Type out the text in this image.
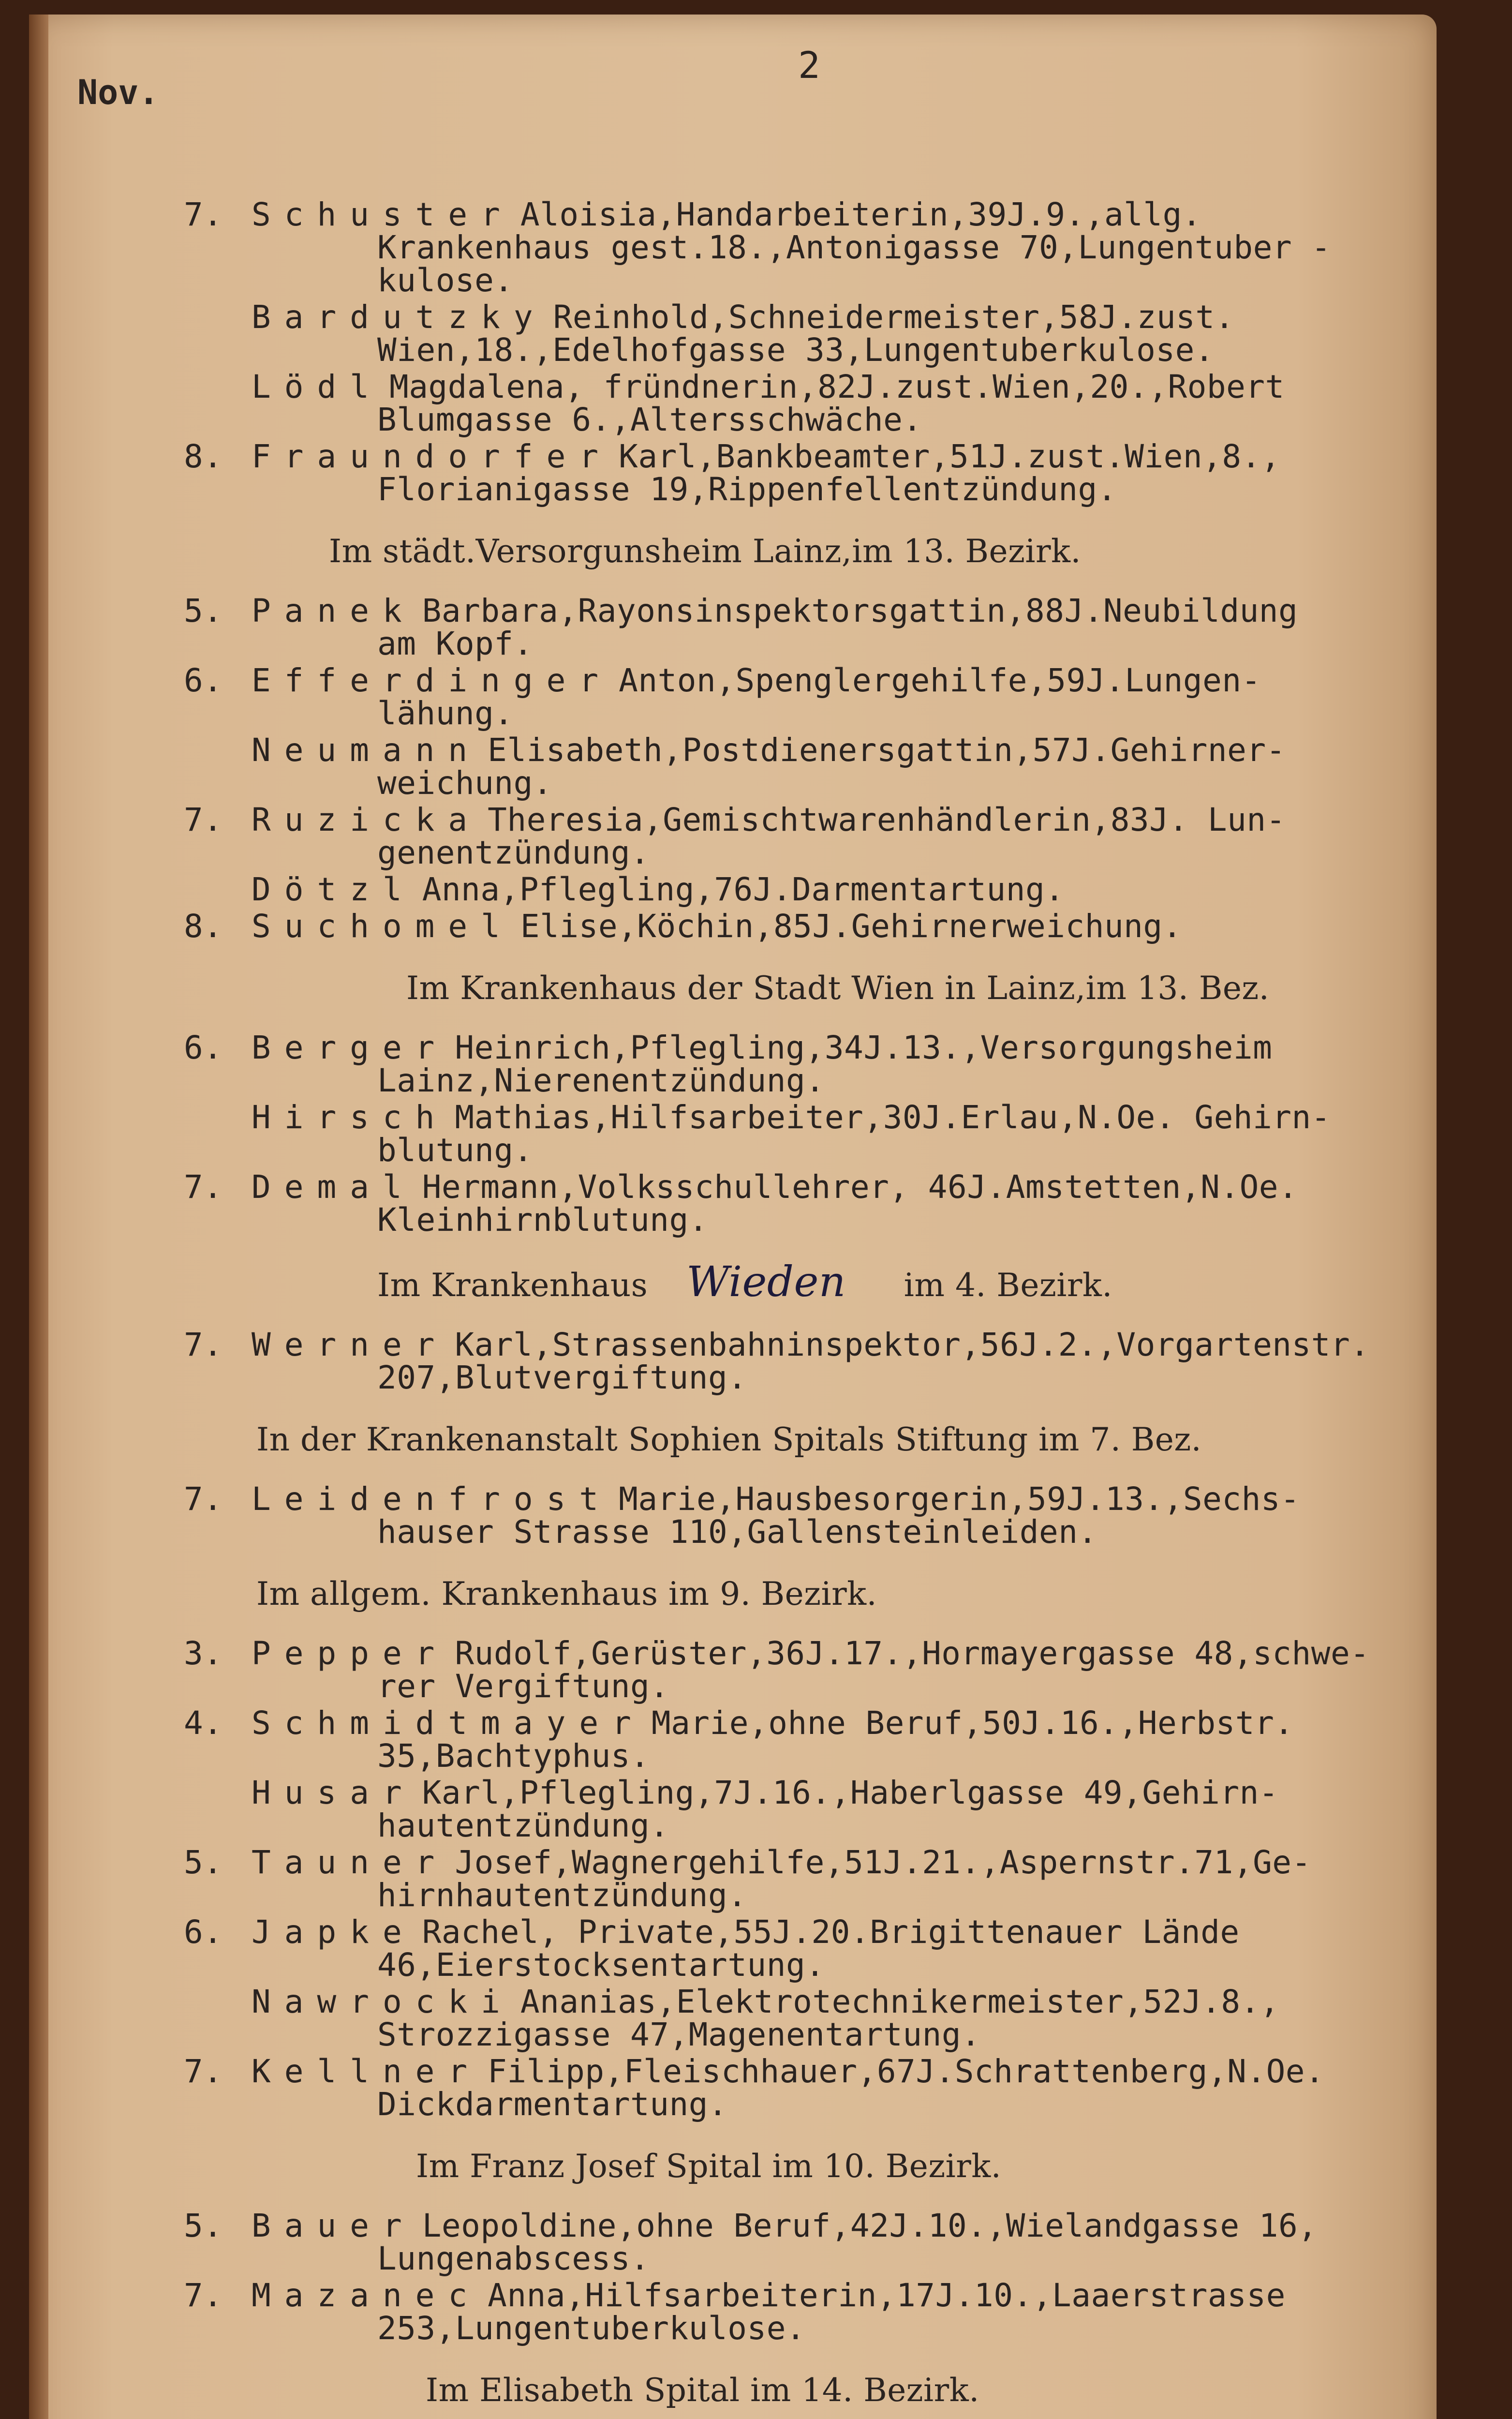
2
Nov.
7. Schuster Aloisia,Handarbeiterin,39J.9.,allg.
Krankenhaus gest.18.,Antonigasse 70,Lungentuber -
kulose.
Bardutzky Reinhold,Schneidermeister,58J.zust.
Wien,18.,Edelhofgasse 33,Lungentuberkulose.
Lödl Magdalena, fründnerin,82J.zust.Wien,20.,Robert
Blumgasse 6.,Altersschwäche.
8. Fraundorfer Karl,Bankbeamter,51J.zust.Wien,8.,
Florianigasse 19,Rippenfellentzündung.
Im städt.Versorgunsheim Lainz,im 13. Bezirk.
5. Panek Barbara,Rayonsinspektorsgattin,88J.Neubildung
am Kopf.
6. Efferdinger Anton,Spenglergehilfe,59J.Lungen-
lähung.
Neumann Elisabeth,Postdienersgattin,57J.Gehirner-
weichung.
7. Ruzicka Theresia,Gemischtwarenhändlerin,83J. Lun-
genentzündung.
Dötzl Anna,Pflegling,76J.Darmentartung.
8. Suchomel Elise,Köchin,85J.Gehirnerweichung.
Im Krankenhaus der Stadt Wien in Lainz,im 13. Bez.
6. Berger Heinrich,Pflegling,34J.13.,Versorgungsheim
Lainz,Nierenentzündung.
Hirsch Mathias,Hilfsarbeiter,30J.Erlau,N.Oe. Gehirn-
blutung.
7. Demal Hermann,Volksschullehrer, 46J.Amstetten,N.Oe.
Kleinhirnblutung.
Im Krankenhaus Wieden im 4. Bezirk.
7. Werner Karl,Strassenbahninspektor,56J.2.,Vorgartenstr.
207,Blutvergiftung.
In der Krankenanstalt Sophien Spitals Stiftung im 7. Bez.
7. Leidenfrost Marie,Hausbesorgerin,59J.13.,Sechs-
hauser Strasse 110,Gallensteinleiden.
Im allgem. Krankenhaus im 9. Bezirk.
3. Pepper Rudolf,Gerüster,36J.17.,Hormayergasse 48,schwe-
rer Vergiftung.
4. Schmidtmayer Marie,ohne Beruf,50J.16.,Herbstr.
35,Bachtyphus.
Husar Karl,Pflegling,7J.16.,Haberlgasse 49,Gehirn-
hautentzündung.
5. Tauner Josef,Wagnergehilfe,51J.21.,Aspernstr.71,Ge-
hirnhautentzündung.
6. Japke Rachel, Private,55J.20.Brigittenauer Lände
46,Eierstocksentartung.
Nawrocki Ananias,Elektrotechnikermeister,52J.8.,
Strozzigasse 47,Magenentartung.
7. Kellner Filipp,Fleischhauer,67J.Schrattenberg,N.Oe.
Dickdarmentartung.
Im Franz Josef Spital im 10. Bezirk.
5. Bauer Leopoldine,ohne Beruf,42J.10.,Wielandgasse 16,
Lungenabscess.
7. Mazanec Anna,Hilfsarbeiterin,17J.10.,Laaerstrasse
253,Lungentuberkulose.
Im Elisabeth Spital im 14. Bezirk.
